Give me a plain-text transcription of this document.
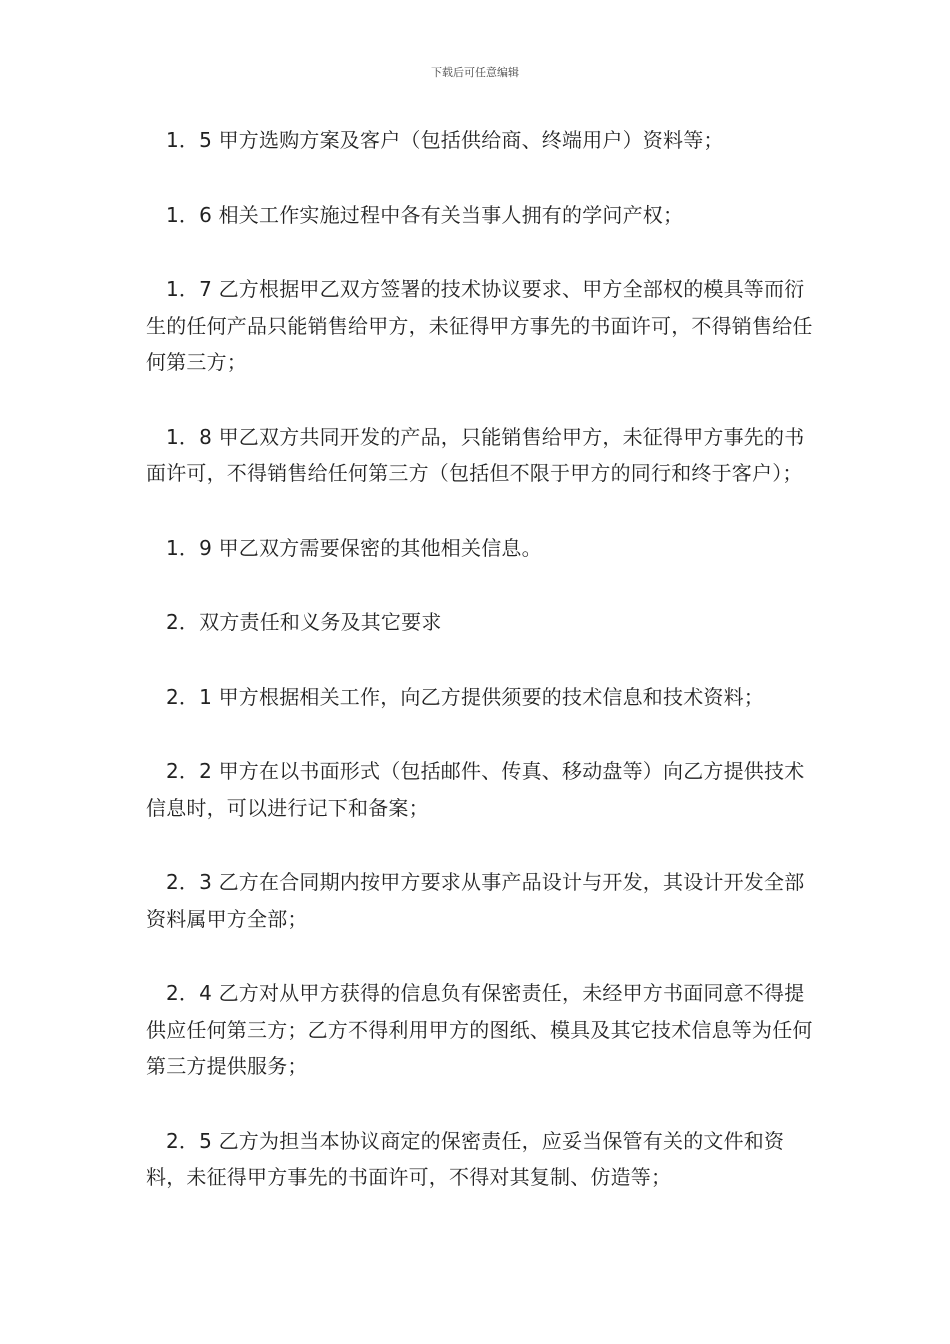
下载后可任意编辑

1．5 甲方选购方案及客户（包括供给商、终端用户）资料等；

1．6 相关工作实施过程中各有关当事人拥有的学问产权；

1．7 乙方根据甲乙双方签署的技术协议要求、甲方全部权的模具等而衍生的任何产品只能销售给甲方，未征得甲方事先的书面许可，不得销售给任何第三方；

1．8 甲乙双方共同开发的产品，只能销售给甲方，未征得甲方事先的书面许可，不得销售给任何第三方（包括但不限于甲方的同行和终于客户）；

1．9 甲乙双方需要保密的其他相关信息。

2．双方责任和义务及其它要求

2．1 甲方根据相关工作，向乙方提供须要的技术信息和技术资料；

2．2 甲方在以书面形式（包括邮件、传真、移动盘等）向乙方提供技术信息时，可以进行记下和备案；

2．3 乙方在合同期内按甲方要求从事产品设计与开发，其设计开发全部资料属甲方全部；

2．4 乙方对从甲方获得的信息负有保密责任，未经甲方书面同意不得提供应任何第三方；乙方不得利用甲方的图纸、模具及其它技术信息等为任何第三方提供服务；

2．5 乙方为担当本协议商定的保密责任，应妥当保管有关的文件和资料，未征得甲方事先的书面许可，不得对其复制、仿造等；
